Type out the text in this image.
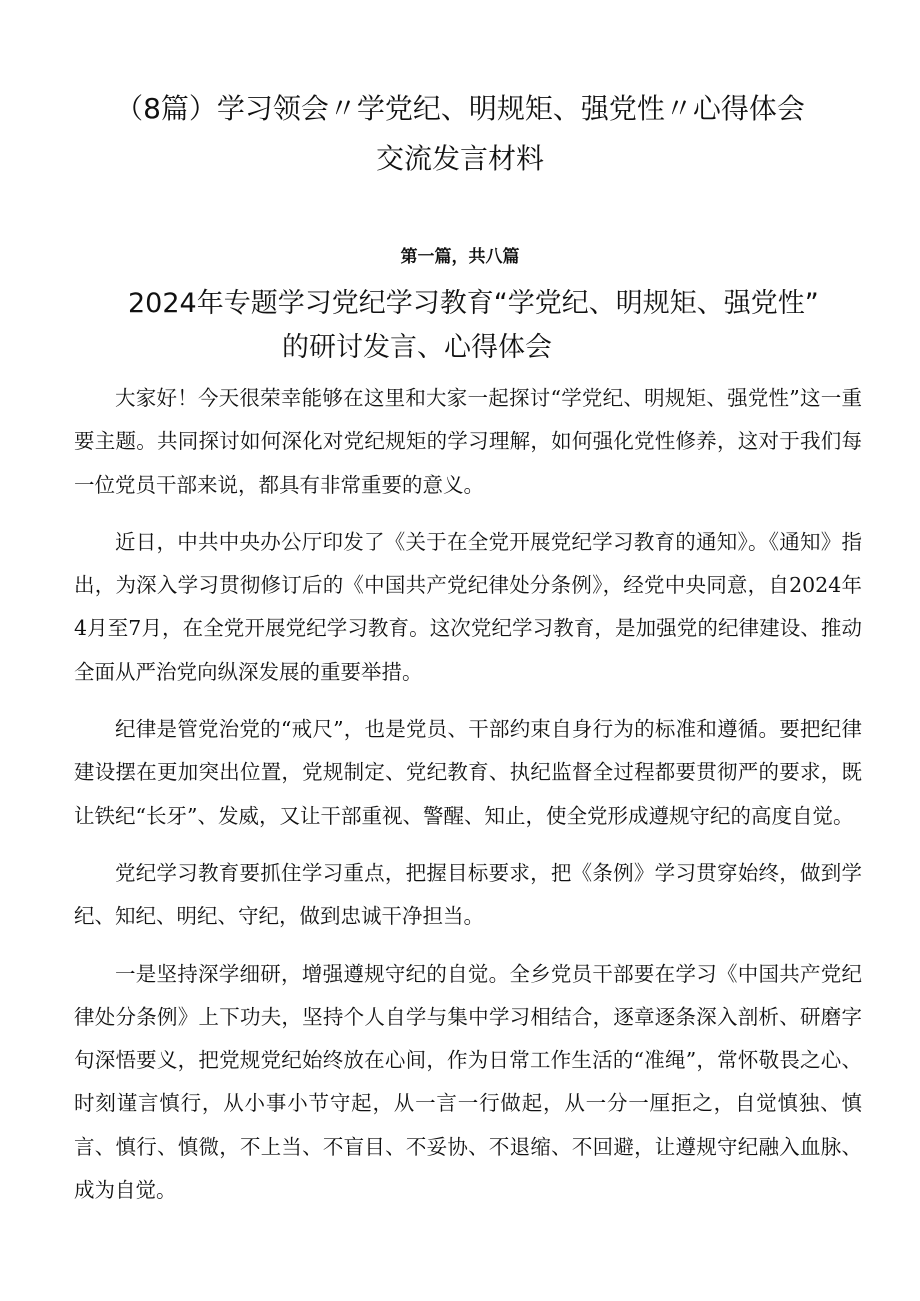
（8篇）学习领会〃学党纪、明规矩、强党性〃心得体会
交流发言材料
第一篇，共八篇
2024年专题学习党纪学习教育“学党纪、明规矩、强党性”
的研讨发言、心得体会

大家好！今天很荣幸能够在这里和大家一起探讨“学党纪、明规矩、强党性”这一重要主题。共同探讨如何深化对党纪规矩的学习理解，如何强化党性修养，这对于我们每一位党员干部来说，都具有非常重要的意义。

近日，中共中央办公厅印发了《关于在全党开展党纪学习教育的通知》。《通知》指出，为深入学习贯彻修订后的《中国共产党纪律处分条例》，经党中央同意，自2024年4月至7月，在全党开展党纪学习教育。这次党纪学习教育，是加强党的纪律建设、推动全面从严治党向纵深发展的重要举措。

纪律是管党治党的“戒尺”，也是党员、干部约束自身行为的标准和遵循。要把纪律建设摆在更加突出位置，党规制定、党纪教育、执纪监督全过程都要贯彻严的要求，既让铁纪“长牙”、发威，又让干部重视、警醒、知止，使全党形成遵规守纪的高度自觉。

党纪学习教育要抓住学习重点，把握目标要求，把《条例》学习贯穿始终，做到学纪、知纪、明纪、守纪，做到忠诚干净担当。

一是坚持深学细研，增强遵规守纪的自觉。全乡党员干部要在学习《中国共产党纪律处分条例》上下功夫，坚持个人自学与集中学习相结合，逐章逐条深入剖析、研磨字句深悟要义，把党规党纪始终放在心间，作为日常工作生活的“准绳”，常怀敬畏之心、时刻谨言慎行，从小事小节守起，从一言一行做起，从一分一厘拒之，自觉慎独、慎言、慎行、慎微，不上当、不盲目、不妥协、不退缩、不回避，让遵规守纪融入血脉、成为自觉。
